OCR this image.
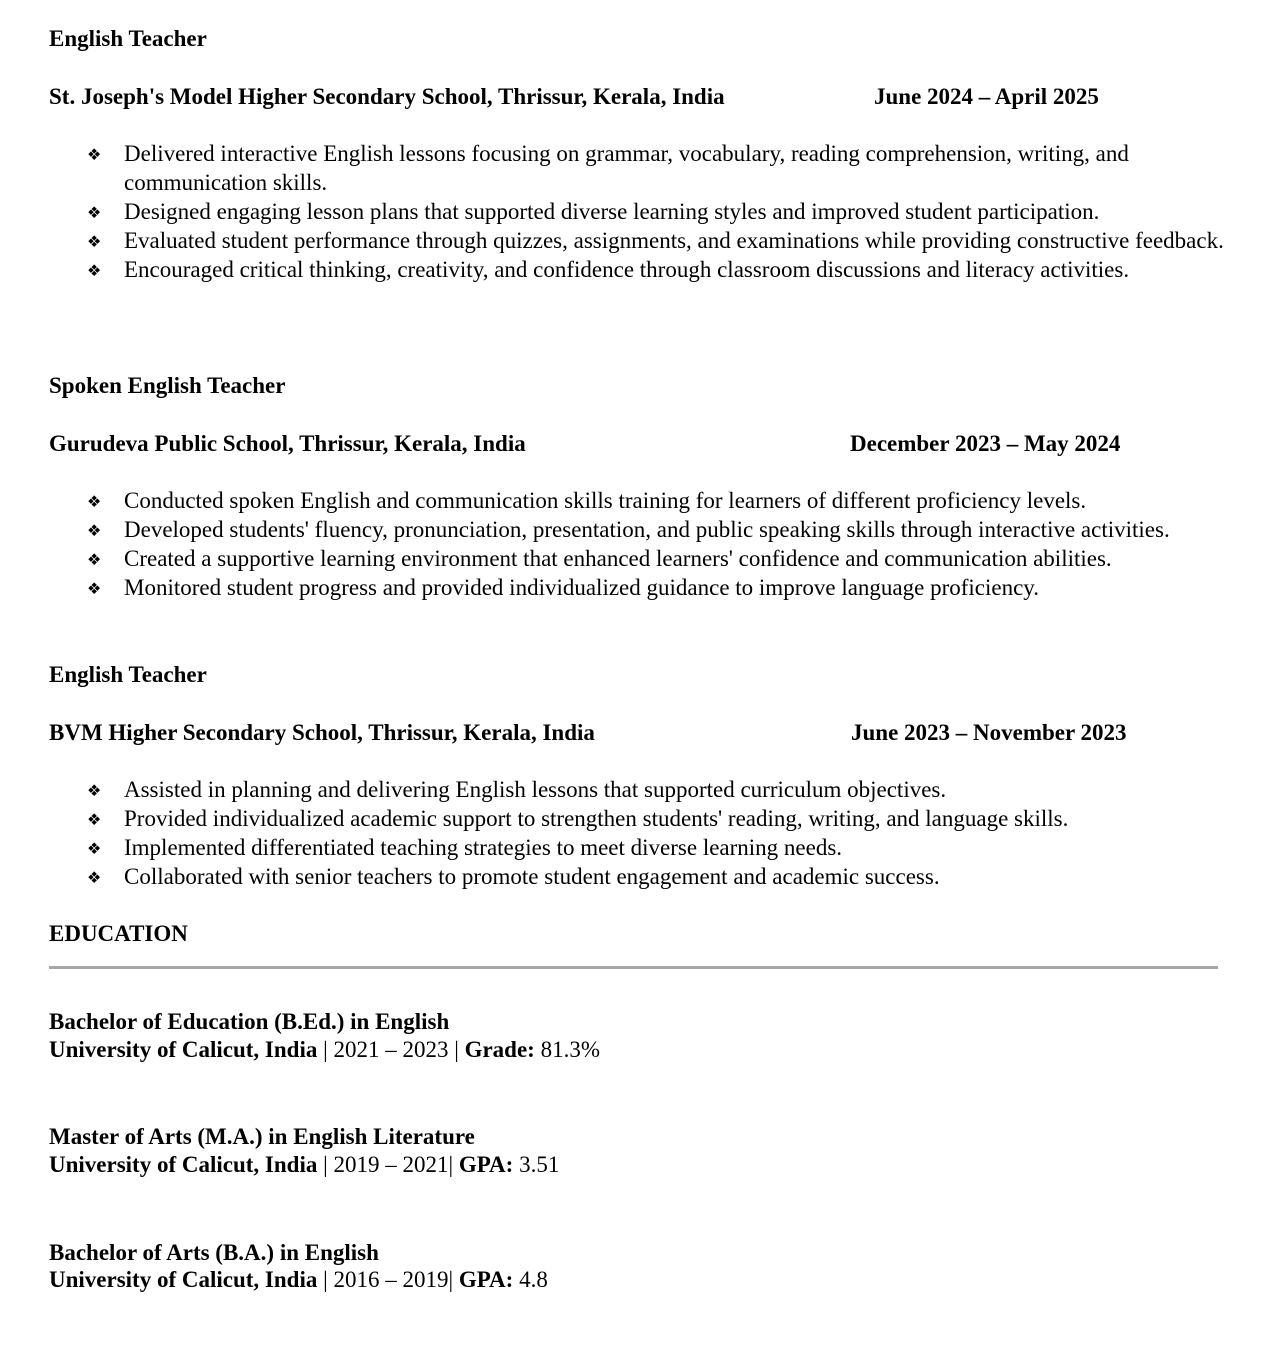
English Teacher
St. Joseph's Model Higher Secondary School, Thrissur, Kerala, India	June 2024 – April 2025
❖ Delivered interactive English lessons focusing on grammar, vocabulary, reading comprehension, writing, and communication skills.
❖ Designed engaging lesson plans that supported diverse learning styles and improved student participation.
❖ Evaluated student performance through quizzes, assignments, and examinations while providing constructive feedback.
❖ Encouraged critical thinking, creativity, and confidence through classroom discussions and literacy activities.
Spoken English Teacher
Gurudeva Public School, Thrissur, Kerala, India	December 2023 – May 2024
❖ Conducted spoken English and communication skills training for learners of different proficiency levels.
❖ Developed students' fluency, pronunciation, presentation, and public speaking skills through interactive activities.
❖ Created a supportive learning environment that enhanced learners' confidence and communication abilities.
❖ Monitored student progress and provided individualized guidance to improve language proficiency.
English Teacher
BVM Higher Secondary School, Thrissur, Kerala, India	June 2023 – November 2023
❖ Assisted in planning and delivering English lessons that supported curriculum objectives.
❖ Provided individualized academic support to strengthen students' reading, writing, and language skills.
❖ Implemented differentiated teaching strategies to meet diverse learning needs.
❖ Collaborated with senior teachers to promote student engagement and academic success.
EDUCATION
Bachelor of Education (B.Ed.) in English
University of Calicut, India | 2021 – 2023 | Grade: 81.3%
Master of Arts (M.A.) in English Literature
University of Calicut, India | 2019 – 2021| GPA: 3.51
Bachelor of Arts (B.A.) in English
University of Calicut, India | 2016 – 2019| GPA: 4.8
